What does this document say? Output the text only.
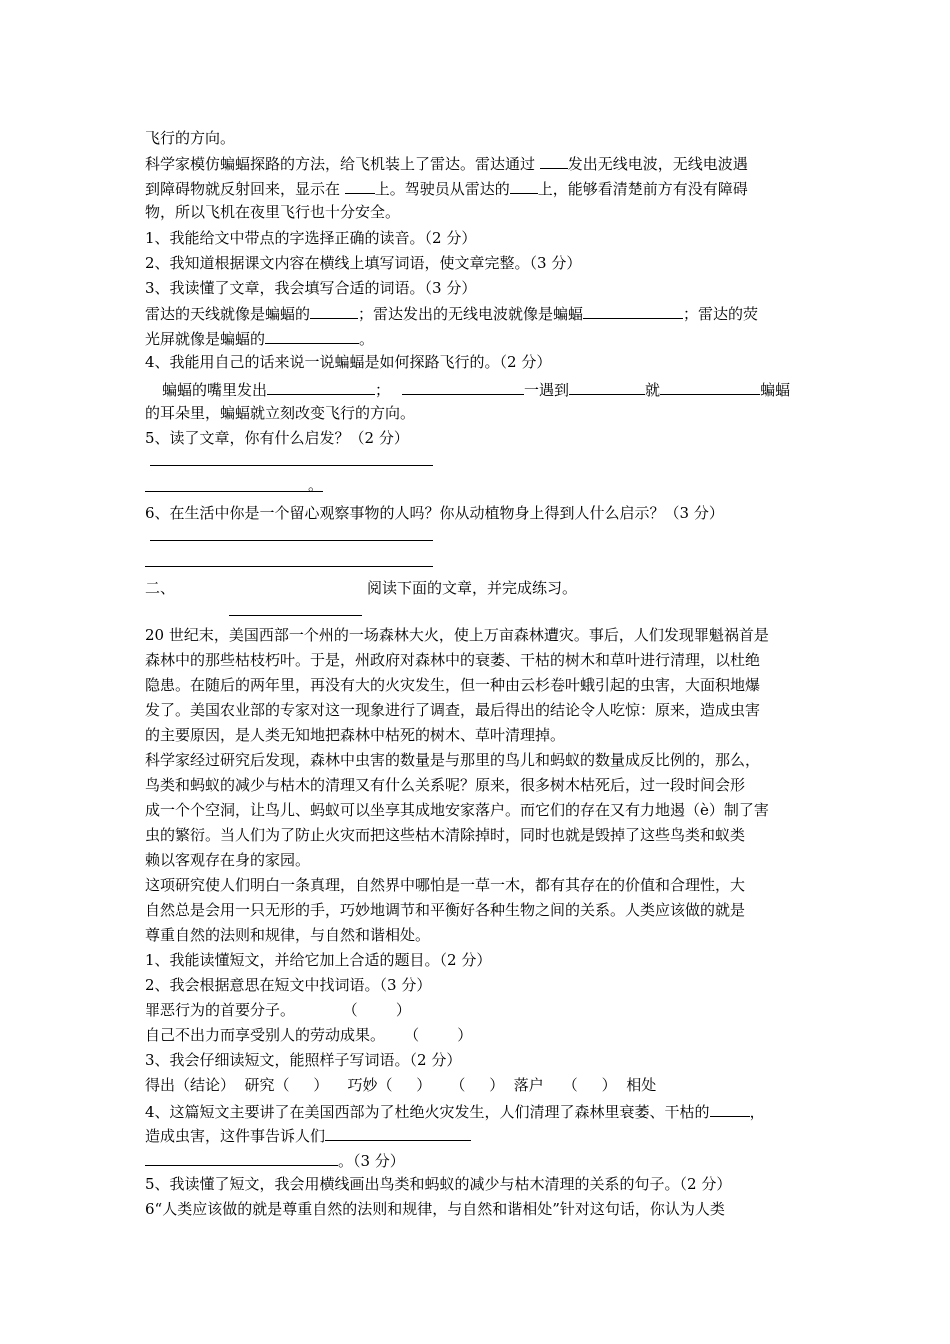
飞行的方向。
科学家模仿蝙蝠探路的方法，给飞机装上了雷达。雷达通过 发出无线电波，无线电波遇
到障碍物就反射回来，显示在 上。驾驶员从雷达的 上，能够看清楚前方有没有障碍
物，所以飞机在夜里飞行也十分安全。
1、我能给文中带点的字选择正确的读音。（2 分）
2、我知道根据课文内容在横线上填写词语，使文章完整。（3 分）
3、我读懂了文章，我会填写合适的词语。（3 分）
雷达的天线就像是蝙蝠的	；雷达发出的无线电波就像是蝙蝠	；雷达的荧
光屏就像是蝙蝠的	。
4、我能用自己的话来说一说蝙蝠是如何探路飞行的。（2 分）
蝙蝠的嘴里发出	；	一遇到	就	蝙蝠
的耳朵里，蝙蝠就立刻改变飞行的方向。
5、读了文章，你有什么启发？（2 分）
。
6、在生活中你是一个留心观察事物的人吗？你从动植物身上得到人什么启示？（3 分）
二、	阅读下面的文章，并完成练习。
20 世纪末，美国西部一个州的一场森林大火，使上万亩森林遭灾。事后，人们发现罪魁祸首是
森林中的那些枯枝朽叶。于是，州政府对森林中的衰萎、干枯的树木和草叶进行清理，以杜绝
隐患。在随后的两年里，再没有大的火灾发生，但一种由云杉卷叶蛾引起的虫害，大面积地爆
发了。美国农业部的专家对这一现象进行了调查，最后得出的结论令人吃惊：原来，造成虫害
的主要原因，是人类无知地把森林中枯死的树木、草叶清理掉。
科学家经过研究后发现，森林中虫害的数量是与那里的鸟儿和蚂蚁的数量成反比例的，那么，
鸟类和蚂蚁的减少与枯木的清理又有什么关系呢？原来，很多树木枯死后，过一段时间会形
成一个个空洞，让鸟儿、蚂蚁可以坐享其成地安家落户。而它们的存在又有力地遏（è）制了害
虫的繁衍。当人们为了防止火灾而把这些枯木清除掉时，同时也就是毁掉了这些鸟类和蚁类
赖以客观存在身的家园。
这项研究使人们明白一条真理，自然界中哪怕是一草一木，都有其存在的价值和合理性，大
自然总是会用一只无形的手，巧妙地调节和平衡好各种生物之间的关系。人类应该做的就是
尊重自然的法则和规律，与自然和谐相处。
1、我能读懂短文，并给它加上合适的题目。（2 分）
2、我会根据意思在短文中找词语。（3 分）
罪恶行为的首要分子。          （        ）
自己不出力而享受别人的劳动成果。    （        ）
3、我会仔细读短文，能照样子写词语。（2 分）
得出（结论）  研究（     ）    巧妙（     ）    （     ）  落户    （     ）  相处
4、这篇短文主要讲了在美国西部为了杜绝火灾发生，人们清理了森林里衰萎、干枯的	，
造成虫害，这件事告诉人们
。（3 分）
5、我读懂了短文，我会用横线画出鸟类和蚂蚁的减少与枯木清理的关系的句子。（2 分）
6“人类应该做的就是尊重自然的法则和规律，与自然和谐相处”针对这句话，你认为人类
